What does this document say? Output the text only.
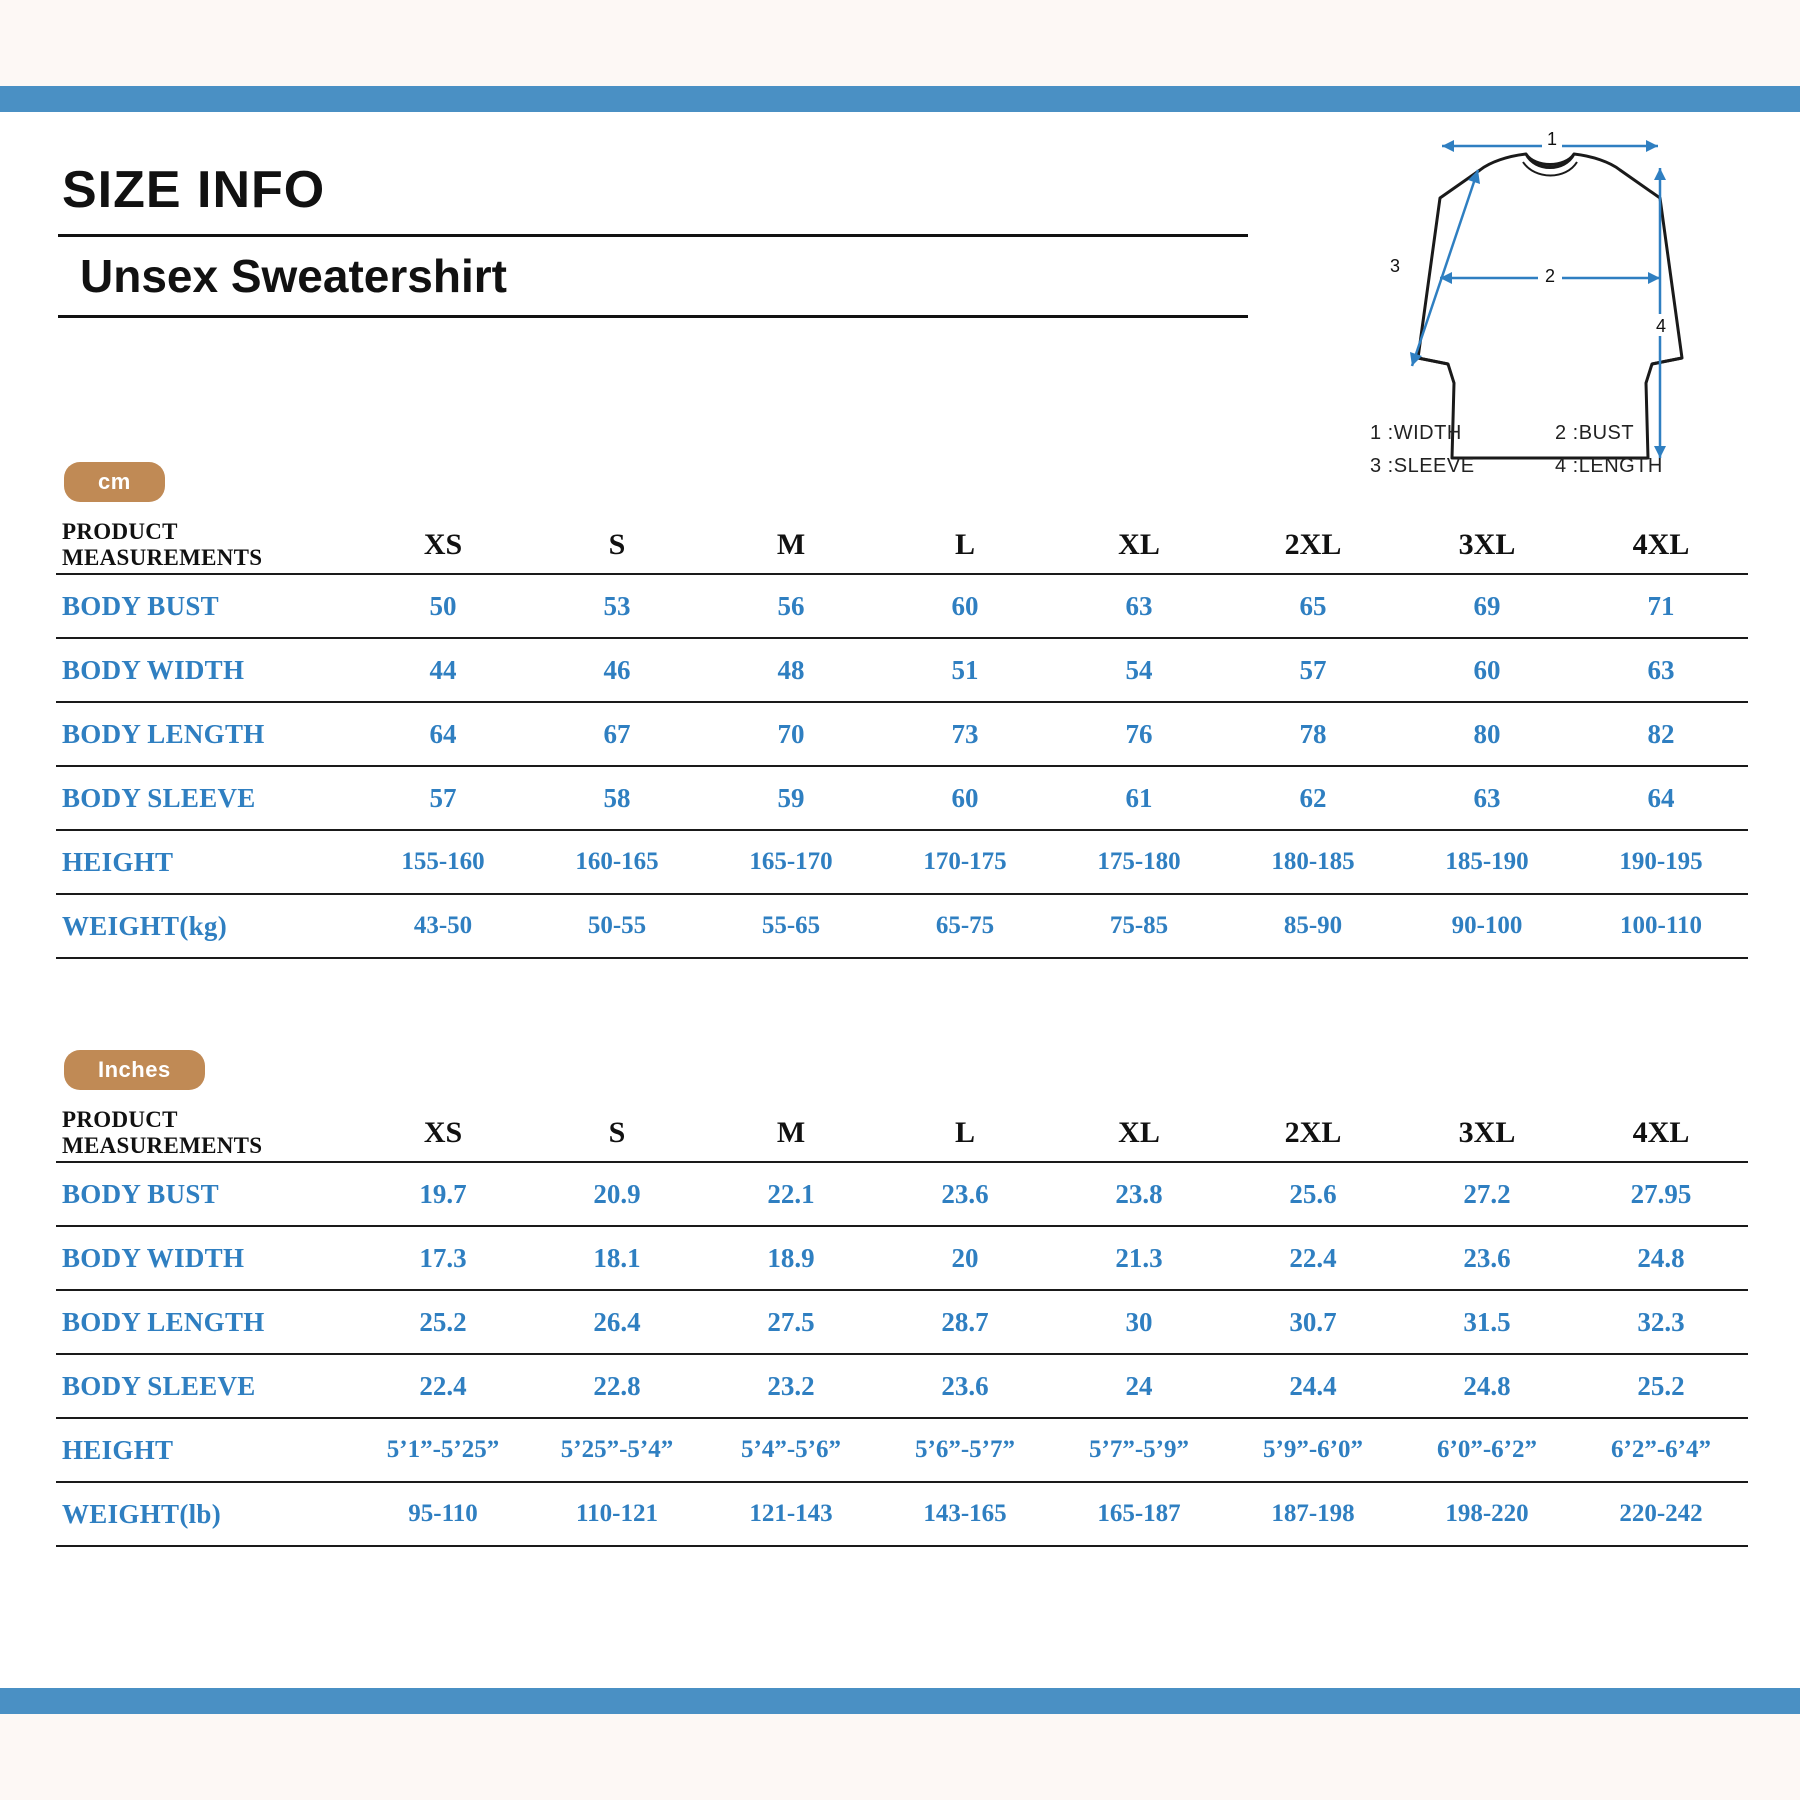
SIZE INFO
Unsex Sweatershirt
1
2
3
4
1 :WIDTH	2 :BUST
3 :SLEEVE	4 :LENGTH
cm
PRODUCT MEASUREMENTS	XS	S	M	L	XL	2XL	3XL	4XL
BODY BUST	50	53	56	60	63	65	69	71
BODY WIDTH	44	46	48	51	54	57	60	63
BODY LENGTH	64	67	70	73	76	78	80	82
BODY SLEEVE	57	58	59	60	61	62	63	64
HEIGHT	155-160	160-165	165-170	170-175	175-180	180-185	185-190	190-195
WEIGHT(kg)	43-50	50-55	55-65	65-75	75-85	85-90	90-100	100-110
Inches
PRODUCT MEASUREMENTS	XS	S	M	L	XL	2XL	3XL	4XL
BODY BUST	19.7	20.9	22.1	23.6	23.8	25.6	27.2	27.95
BODY WIDTH	17.3	18.1	18.9	20	21.3	22.4	23.6	24.8
BODY LENGTH	25.2	26.4	27.5	28.7	30	30.7	31.5	32.3
BODY SLEEVE	22.4	22.8	23.2	23.6	24	24.4	24.8	25.2
HEIGHT	5’1”-5’25”	5’25”-5’4”	5’4”-5’6”	5’6”-5’7”	5’7”-5’9”	5’9”-6’0”	6’0”-6’2”	6’2”-6’4”
WEIGHT(lb)	95-110	110-121	121-143	143-165	165-187	187-198	198-220	220-242
